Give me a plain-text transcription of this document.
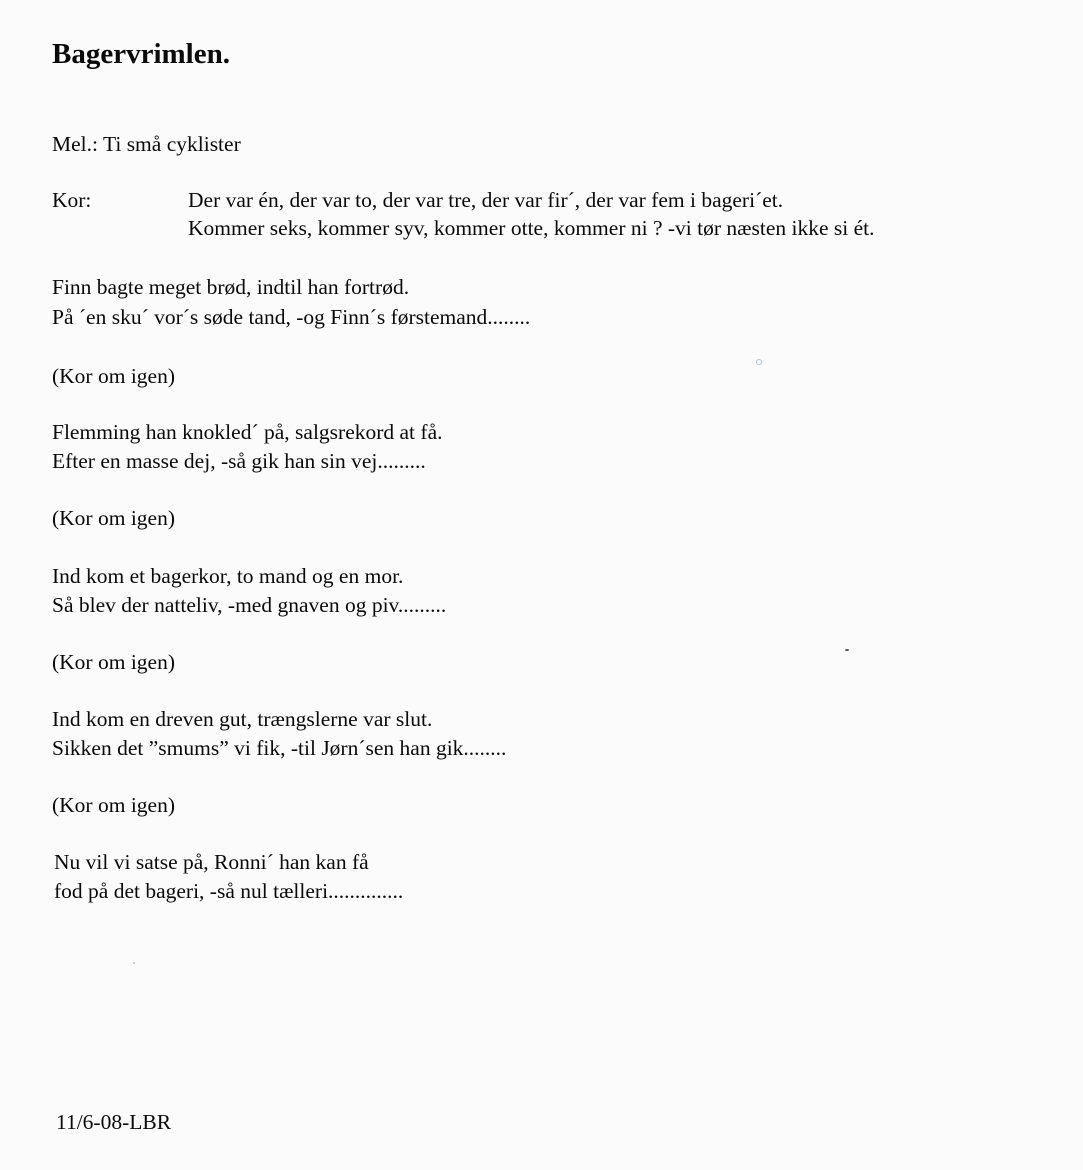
Bagervrimlen.
Mel.: Ti små cyklister
Kor:	Der var én, der var to, der var tre, der var fir´, der var fem i bageri´et.
Kommer seks, kommer syv, kommer otte, kommer ni ? -vi tør næsten ikke si ét.
Finn bagte meget brød, indtil han fortrød.
På ´en sku´ vor´s søde tand, -og Finn´s førstemand........
(Kor om igen)
Flemming han knokled´ på, salgsrekord at få.
Efter en masse dej, -så gik han sin vej.........
(Kor om igen)
Ind kom et bagerkor, to mand og en mor.
Så blev der natteliv, -med gnaven og piv.........
(Kor om igen)
Ind kom en dreven gut, trængslerne var slut.
Sikken det ”smums” vi fik, -til Jørn´sen han gik........
(Kor om igen)
Nu vil vi satse på, Ronni´ han kan få
fod på det bageri, -så nul tælleri..............
11/6-08-LBR
